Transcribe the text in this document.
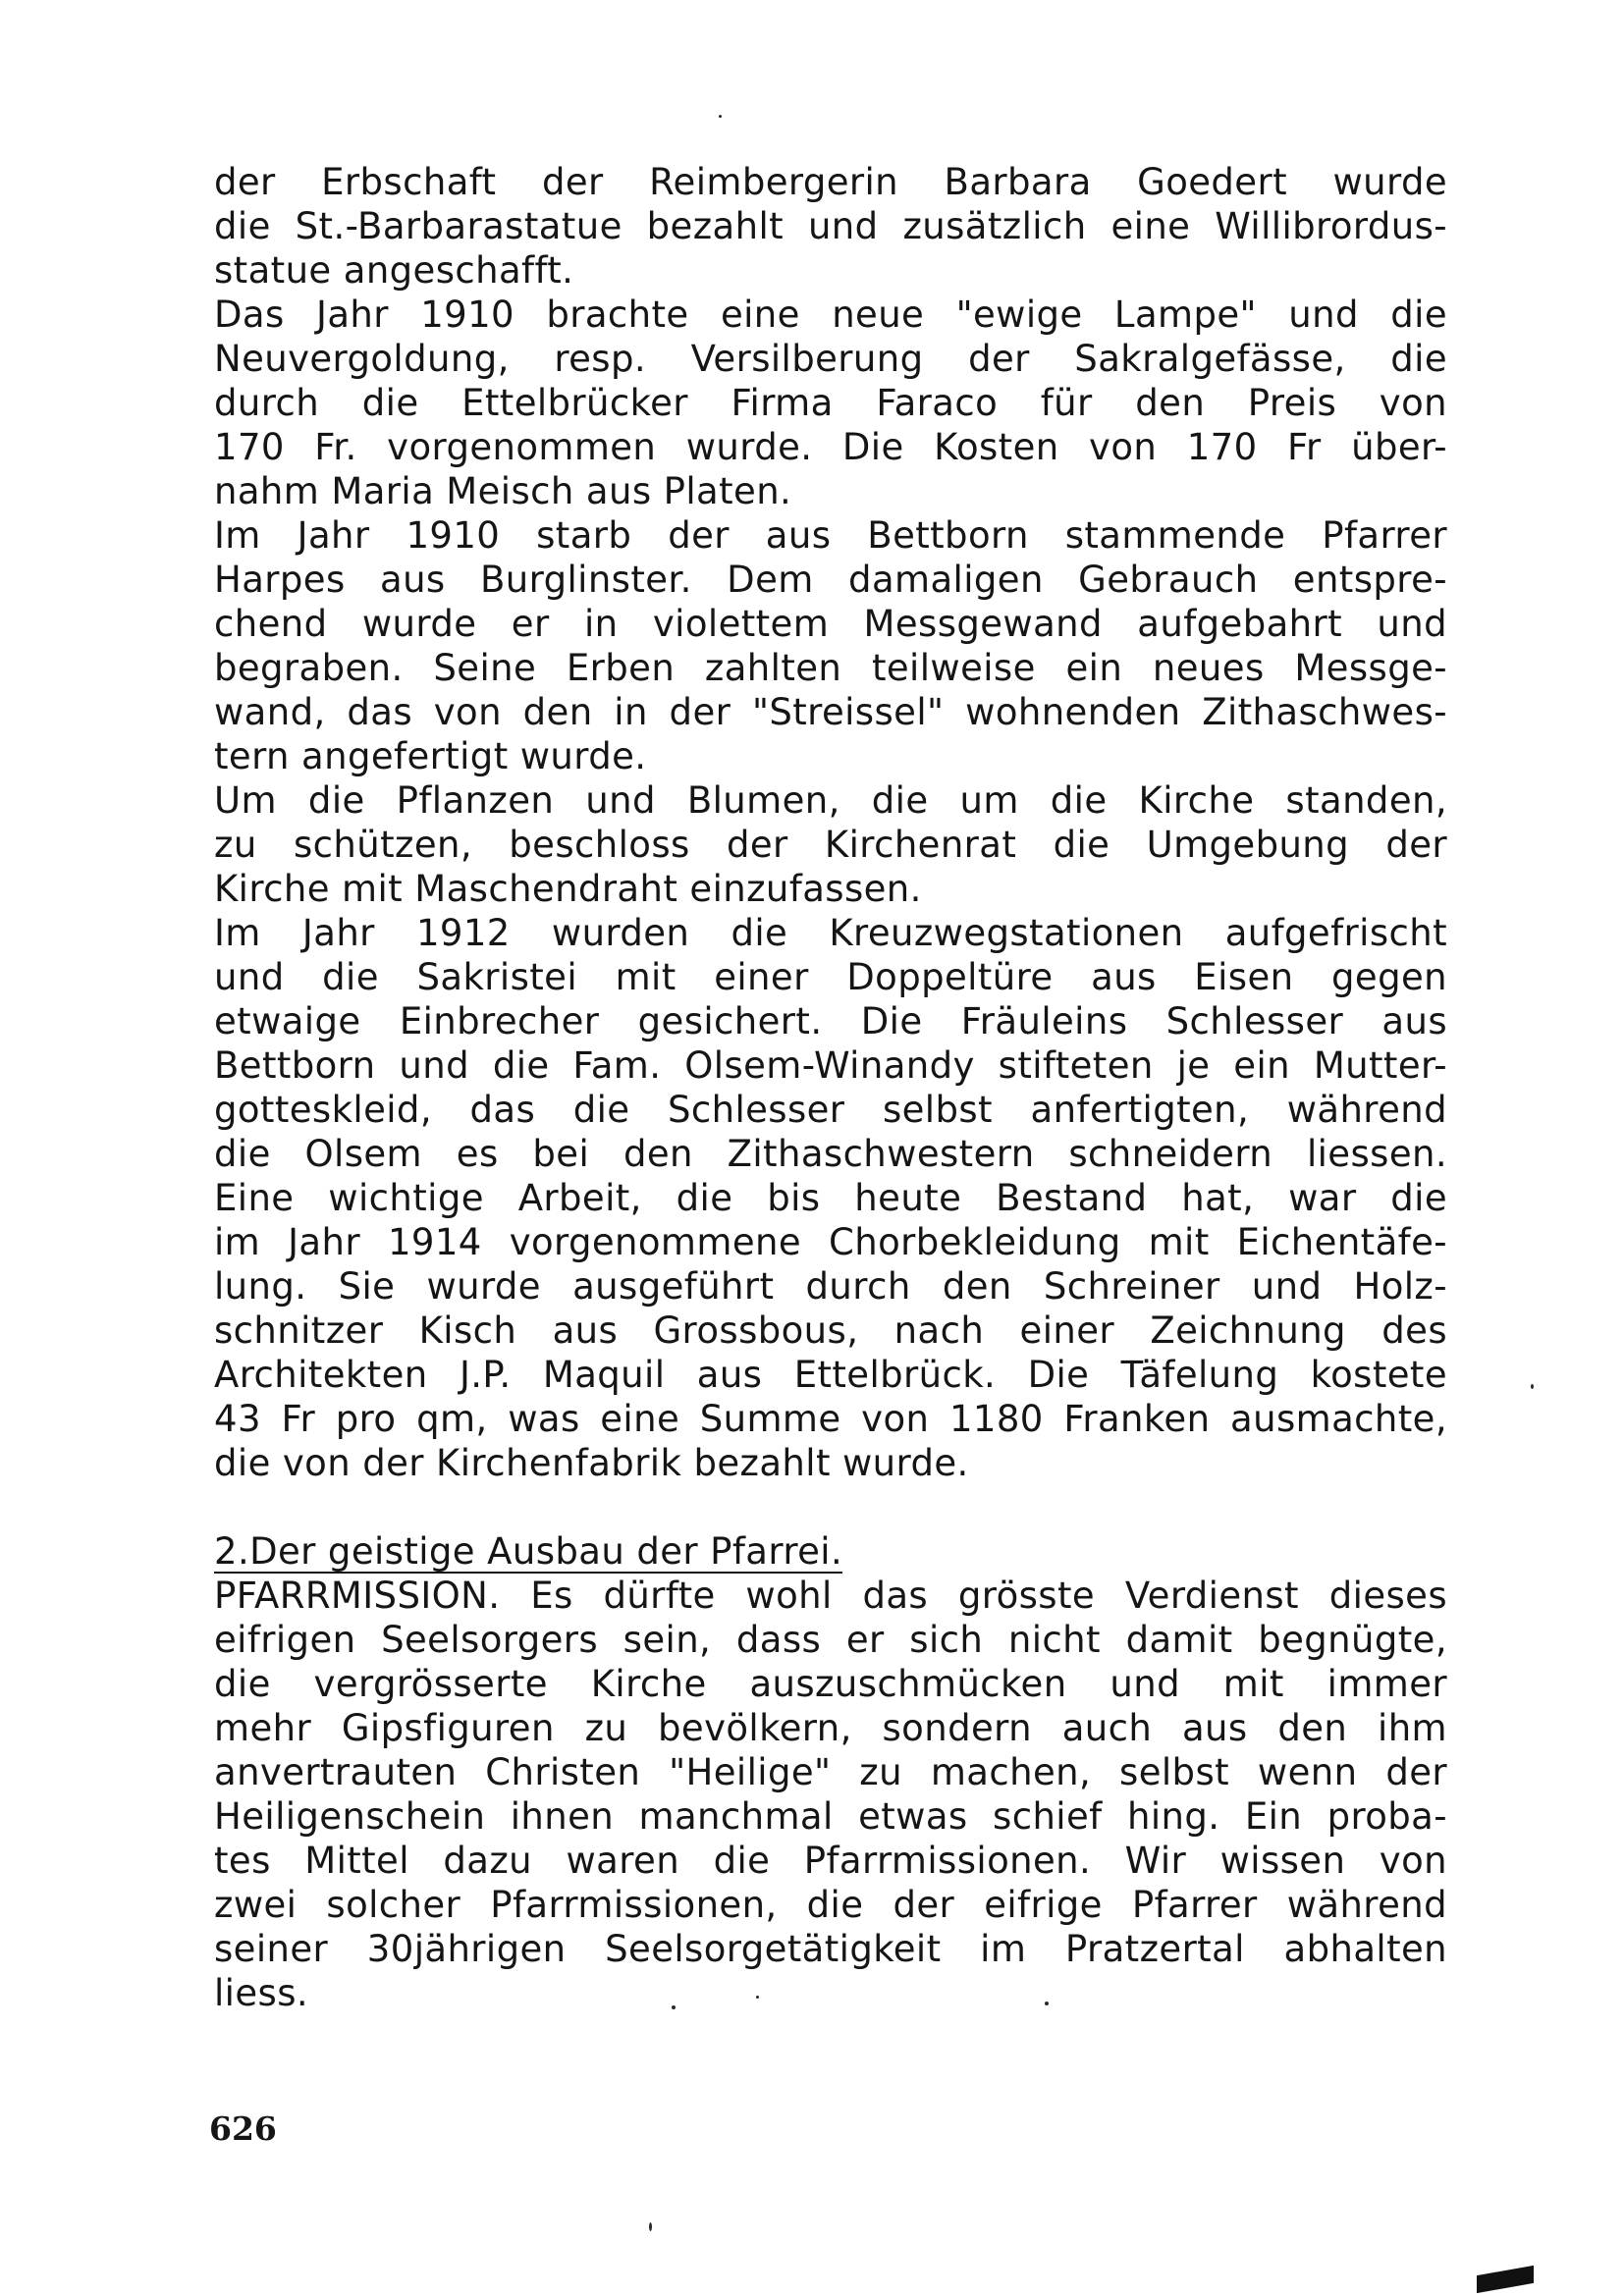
der Erbschaft der Reimbergerin Barbara Goedert wurde
die St.-Barbarastatue bezahlt und zusätzlich eine Willibrordus-
statue angeschafft.
Das Jahr 1910 brachte eine neue "ewige Lampe" und die
Neuvergoldung, resp. Versilberung der Sakralgefässe, die
durch die Ettelbrücker Firma Faraco für den Preis von
170 Fr. vorgenommen wurde. Die Kosten von 170 Fr über-
nahm Maria Meisch aus Platen.
Im Jahr 1910 starb der aus Bettborn stammende Pfarrer
Harpes aus Burglinster. Dem damaligen Gebrauch entspre-
chend wurde er in violettem Messgewand aufgebahrt und
begraben. Seine Erben zahlten teilweise ein neues Messge-
wand, das von den in der "Streissel" wohnenden Zithaschwes-
tern angefertigt wurde.
Um die Pflanzen und Blumen, die um die Kirche standen,
zu schützen, beschloss der Kirchenrat die Umgebung der
Kirche mit Maschendraht einzufassen.
Im Jahr 1912 wurden die Kreuzwegstationen aufgefrischt
und die Sakristei mit einer Doppeltüre aus Eisen gegen
etwaige Einbrecher gesichert. Die Fräuleins Schlesser aus
Bettborn und die Fam. Olsem-Winandy stifteten je ein Mutter-
gotteskleid, das die Schlesser selbst anfertigten, während
die Olsem es bei den Zithaschwestern schneidern liessen.
Eine wichtige Arbeit, die bis heute Bestand hat, war die
im Jahr 1914 vorgenommene Chorbekleidung mit Eichentäfe-
lung. Sie wurde ausgeführt durch den Schreiner und Holz-
schnitzer Kisch aus Grossbous, nach einer Zeichnung des
Architekten J.P. Maquil aus Ettelbrück. Die Täfelung kostete
43 Fr pro qm, was eine Summe von 1180 Franken ausmachte,
die von der Kirchenfabrik bezahlt wurde.
2.Der geistige Ausbau der Pfarrei.
PFARRMISSION. Es dürfte wohl das grösste Verdienst dieses
eifrigen Seelsorgers sein, dass er sich nicht damit begnügte,
die vergrösserte Kirche auszuschmücken und mit immer
mehr Gipsfiguren zu bevölkern, sondern auch aus den ihm
anvertrauten Christen "Heilige" zu machen, selbst wenn der
Heiligenschein ihnen manchmal etwas schief hing. Ein proba-
tes Mittel dazu waren die Pfarrmissionen. Wir wissen von
zwei solcher Pfarrmissionen, die der eifrige Pfarrer während
seiner 30jährigen Seelsorgetätigkeit im Pratzertal abhalten
liess.
626
